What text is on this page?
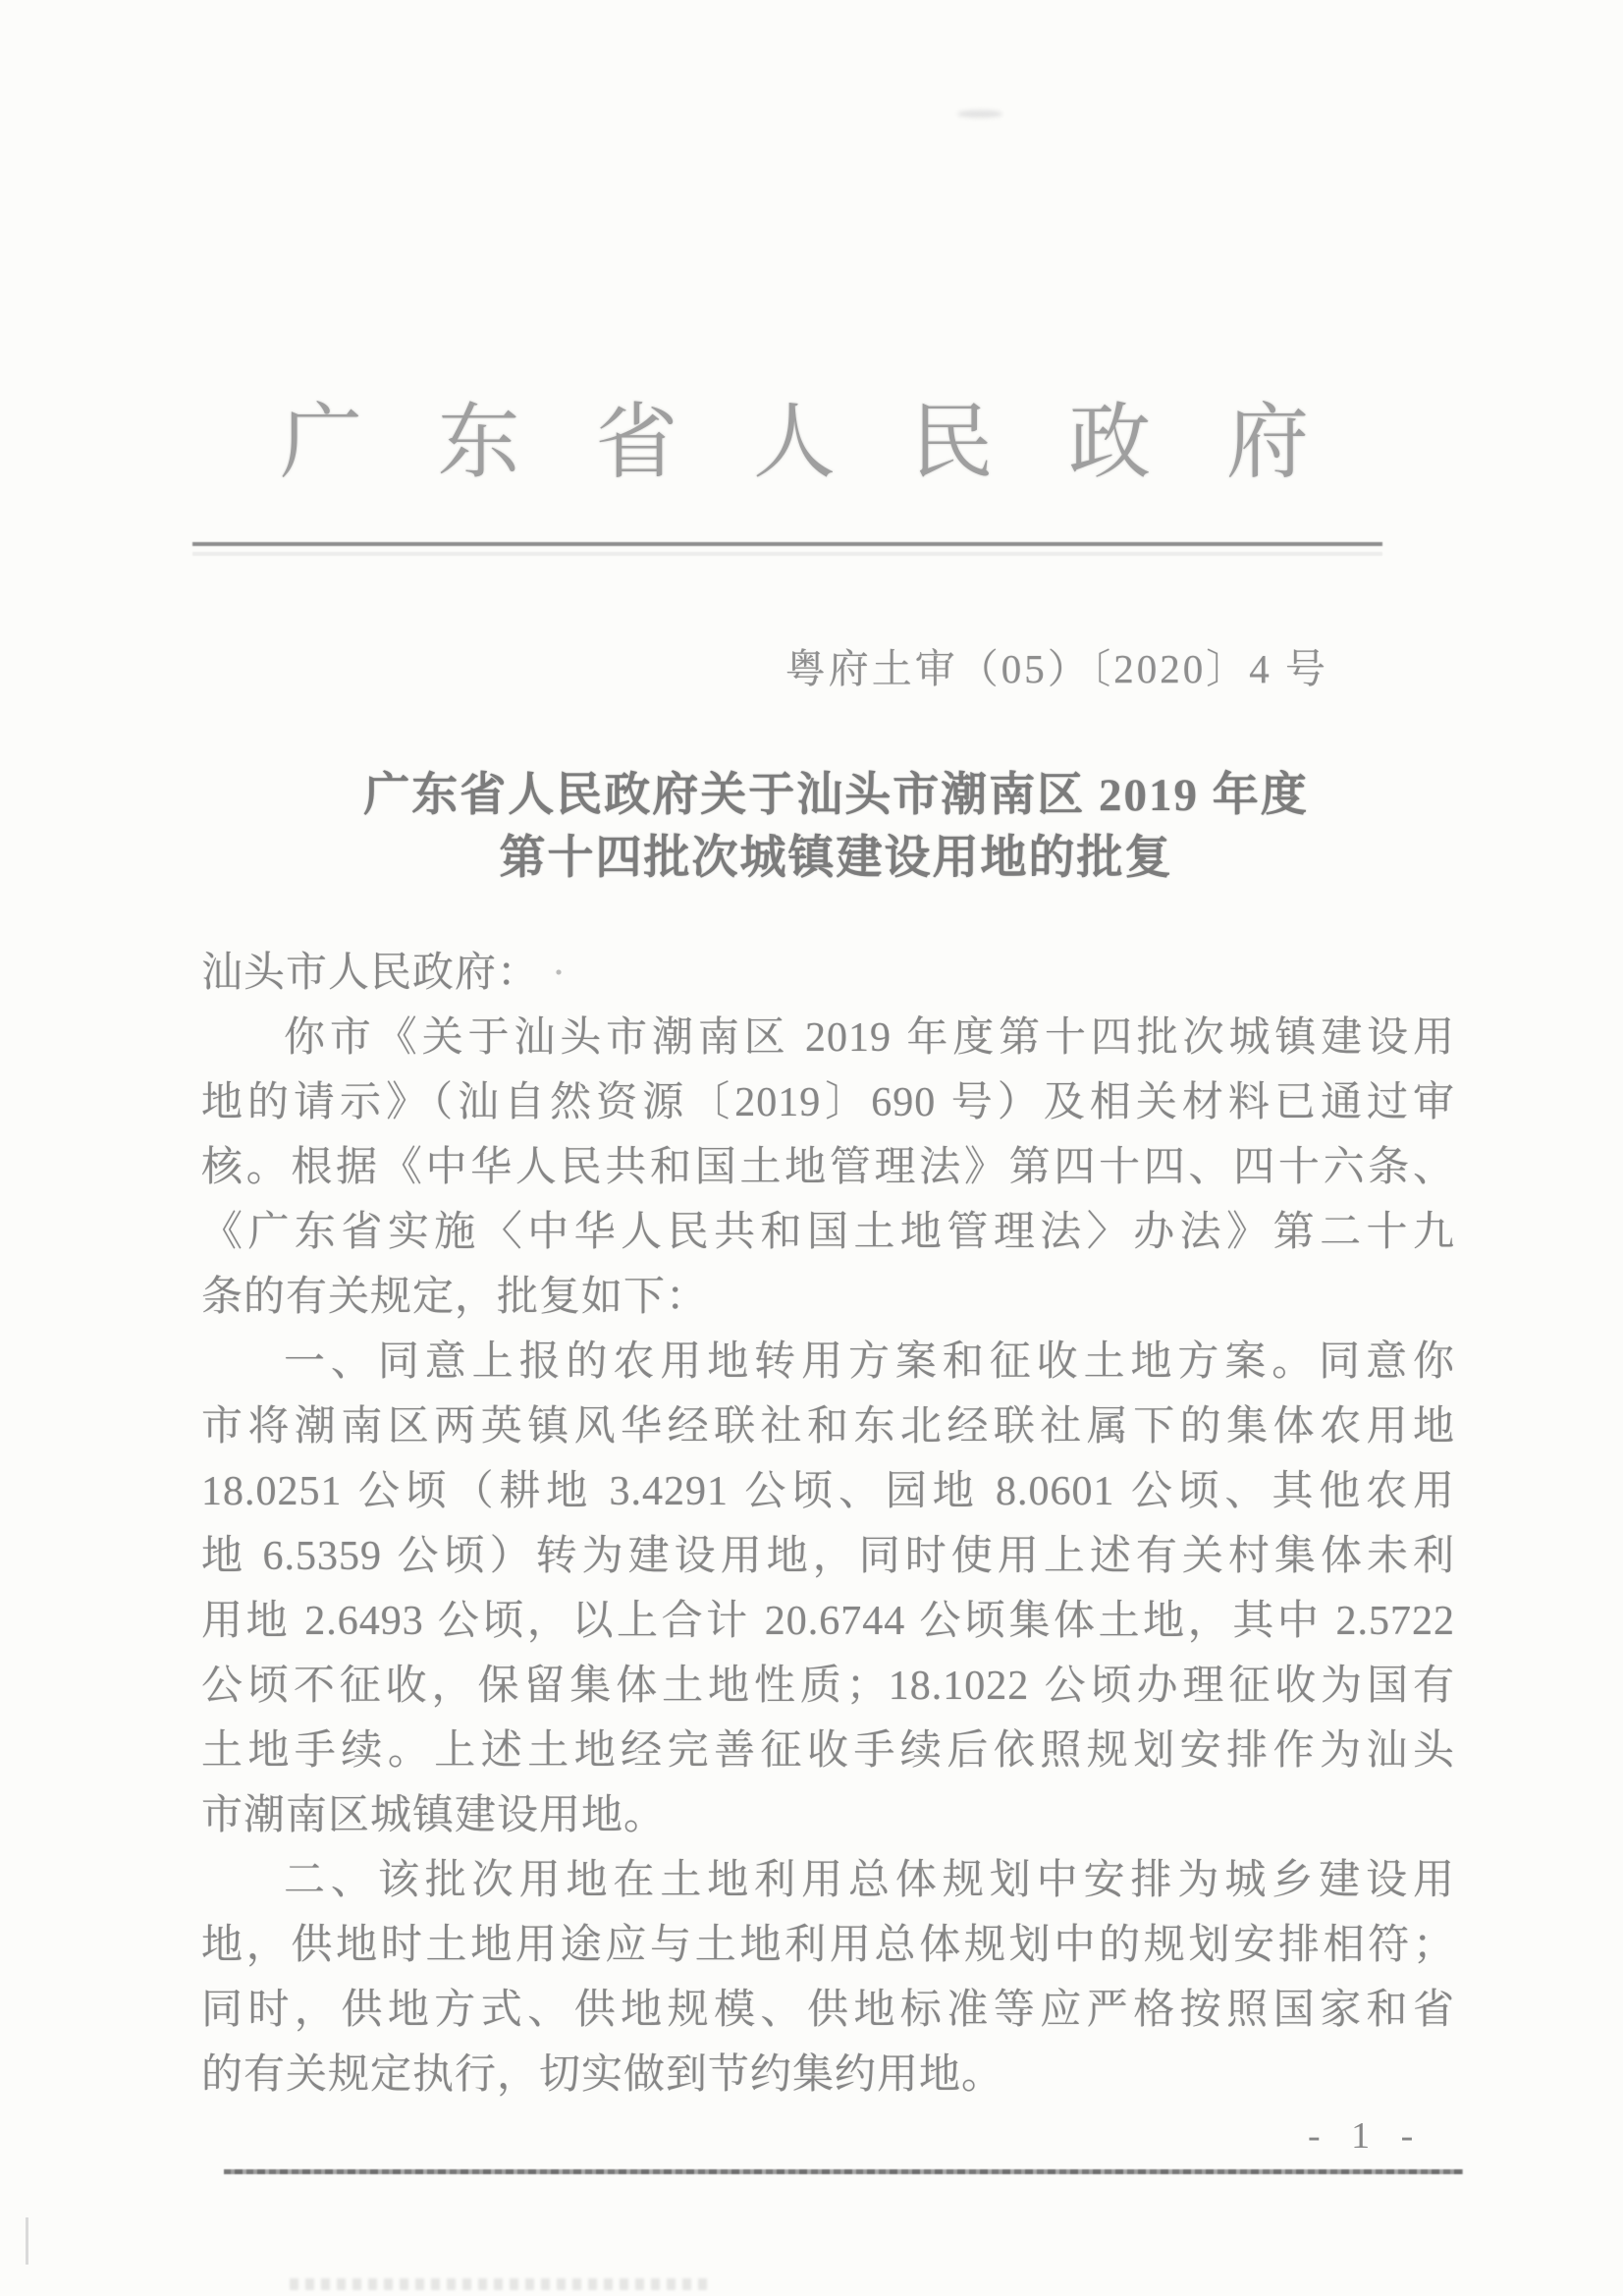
广 东 省 人 民 政 府
粤府土审（05）〔2020〕4 号
广东省人民政府关于汕头市潮南区 2019 年度
第十四批次城镇建设用地的批复
汕头市人民政府： ·
你市《关于汕头市潮南区 2019 年度第十四批次城镇建设用
地的请示》（汕自然资源〔2019〕690 号）及相关材料已通过审
核。根据《中华人民共和国土地管理法》第四十四、四十六条、
《广东省实施〈中华人民共和国土地管理法〉办法》第二十九
条的有关规定，批复如下：
一、同意上报的农用地转用方案和征收土地方案。同意你
市将潮南区两英镇风华经联社和东北经联社属下的集体农用地
18.0251 公顷（耕地 3.4291 公顷、园地 8.0601 公顷、其他农用
地 6.5359 公顷）转为建设用地，同时使用上述有关村集体未利
用地 2.6493 公顷，以上合计 20.6744 公顷集体土地，其中 2.5722
公顷不征收，保留集体土地性质；18.1022 公顷办理征收为国有
土地手续。上述土地经完善征收手续后依照规划安排作为汕头
市潮南区城镇建设用地。
二、该批次用地在土地利用总体规划中安排为城乡建设用
地，供地时土地用途应与土地利用总体规划中的规划安排相符；
同时，供地方式、供地规模、供地标准等应严格按照国家和省
的有关规定执行，切实做到节约集约用地。
- 1 -
